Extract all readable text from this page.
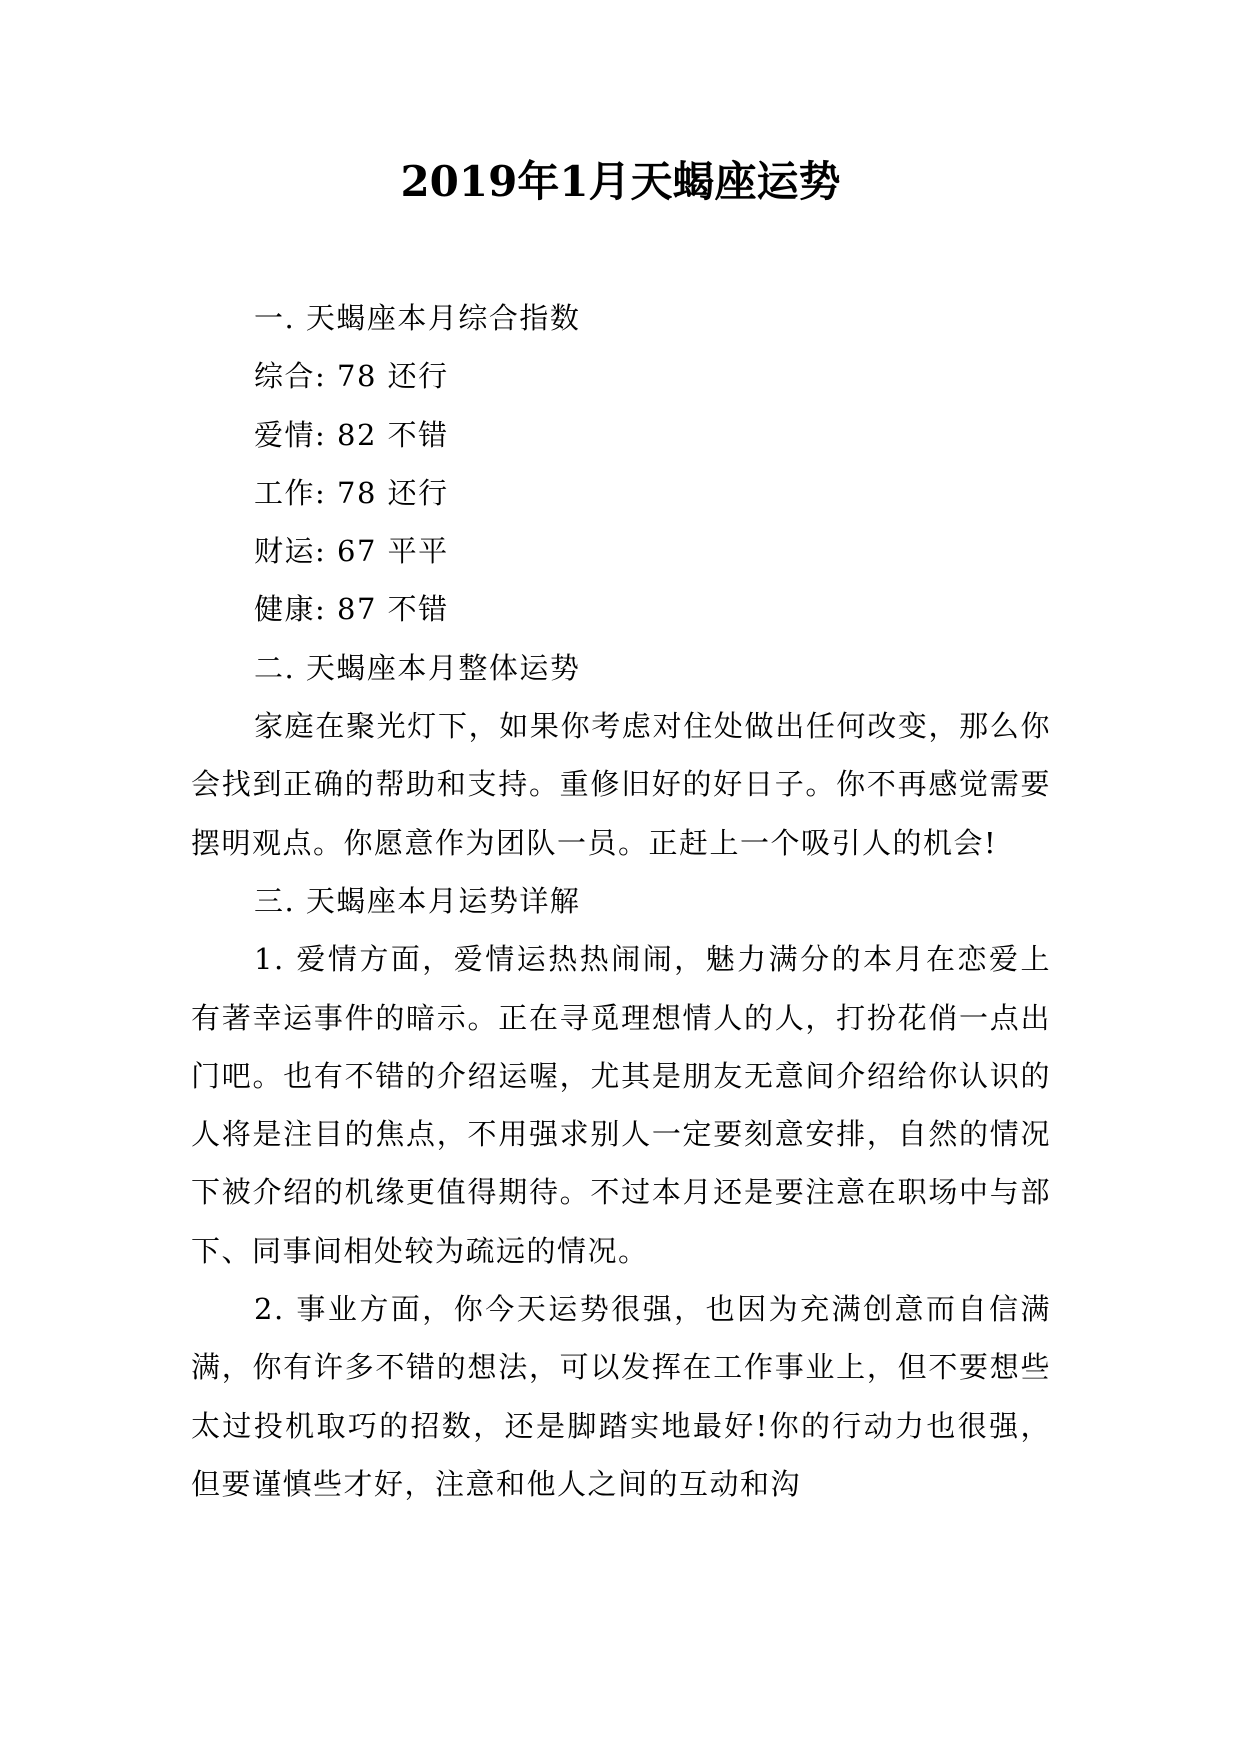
2019年1月天蝎座运势

一. 天蝎座本月综合指数

综合: 78 还行

爱情: 82 不错

工作: 78 还行

财运: 67 平平

健康: 87 不错

二. 天蝎座本月整体运势

家庭在聚光灯下，如果你考虑对住处做出任何改变，那么你会找到正确的帮助和支持。重修旧好的好日子。你不再感觉需要摆明观点。你愿意作为团队一员。正赶上一个吸引人的机会!

三. 天蝎座本月运势详解

1. 爱情方面，爱情运热热闹闹，魅力满分的本月在恋爱上有著幸运事件的暗示。正在寻觅理想情人的人，打扮花俏一点出门吧。也有不错的介绍运喔，尤其是朋友无意间介绍给你认识的人将是注目的焦点，不用强求别人一定要刻意安排，自然的情况下被介绍的机缘更值得期待。不过本月还是要注意在职场中与部下、同事间相处较为疏远的情况。

2. 事业方面，你今天运势很强，也因为充满创意而自信满满，你有许多不错的想法，可以发挥在工作事业上，但不要想些太过投机取巧的招数，还是脚踏实地最好!你的行动力也很强，但要谨慎些才好，注意和他人之间的互动和沟
